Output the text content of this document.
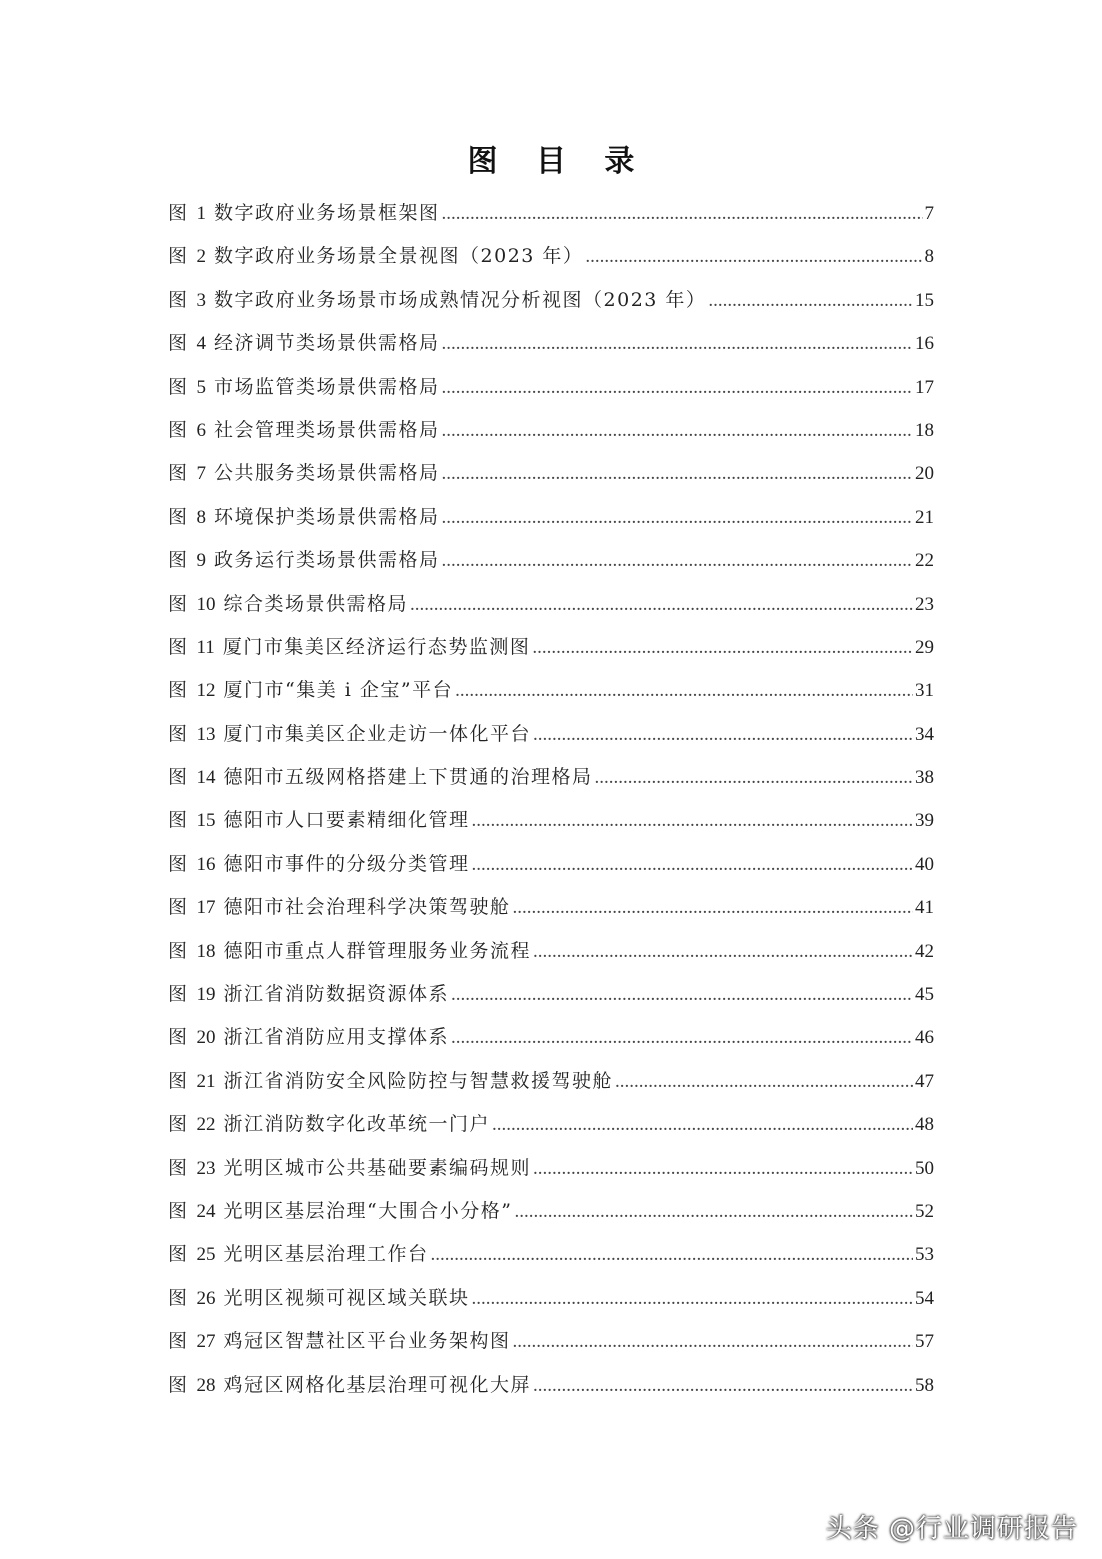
图 目 录
图 1 数字政府业务场景框架图 .....	7
图 2 数字政府业务场景全景视图（2023 年） .....	8
图 3 数字政府业务场景市场成熟情况分析视图（2023 年） .....	15
图 4 经济调节类场景供需格局 .....	16
图 5 市场监管类场景供需格局 .....	17
图 6 社会管理类场景供需格局 .....	18
图 7 公共服务类场景供需格局 .....	20
图 8 环境保护类场景供需格局 .....	21
图 9 政务运行类场景供需格局 .....	22
图 10 综合类场景供需格局 .....	23
图 11 厦门市集美区经济运行态势监测图 .....	29
图 12 厦门市“集美 i 企宝”平台 .....	31
图 13 厦门市集美区企业走访一体化平台 .....	34
图 14 德阳市五级网格搭建上下贯通的治理格局 .....	38
图 15 德阳市人口要素精细化管理 .....	39
图 16 德阳市事件的分级分类管理 .....	40
图 17 德阳市社会治理科学决策驾驶舱 .....	41
图 18 德阳市重点人群管理服务业务流程 .....	42
图 19 浙江省消防数据资源体系 .....	45
图 20 浙江省消防应用支撑体系 .....	46
图 21 浙江省消防安全风险防控与智慧救援驾驶舱 .....	47
图 22 浙江消防数字化改革统一门户 .....	48
图 23 光明区城市公共基础要素编码规则 .....	50
图 24 光明区基层治理“大围合小分格” .....	52
图 25 光明区基层治理工作台 .....	53
图 26 光明区视频可视区域关联块 .....	54
图 27 鸡冠区智慧社区平台业务架构图 .....	57
图 28 鸡冠区网格化基层治理可视化大屏 .....	58
头条 @行业调研报告
